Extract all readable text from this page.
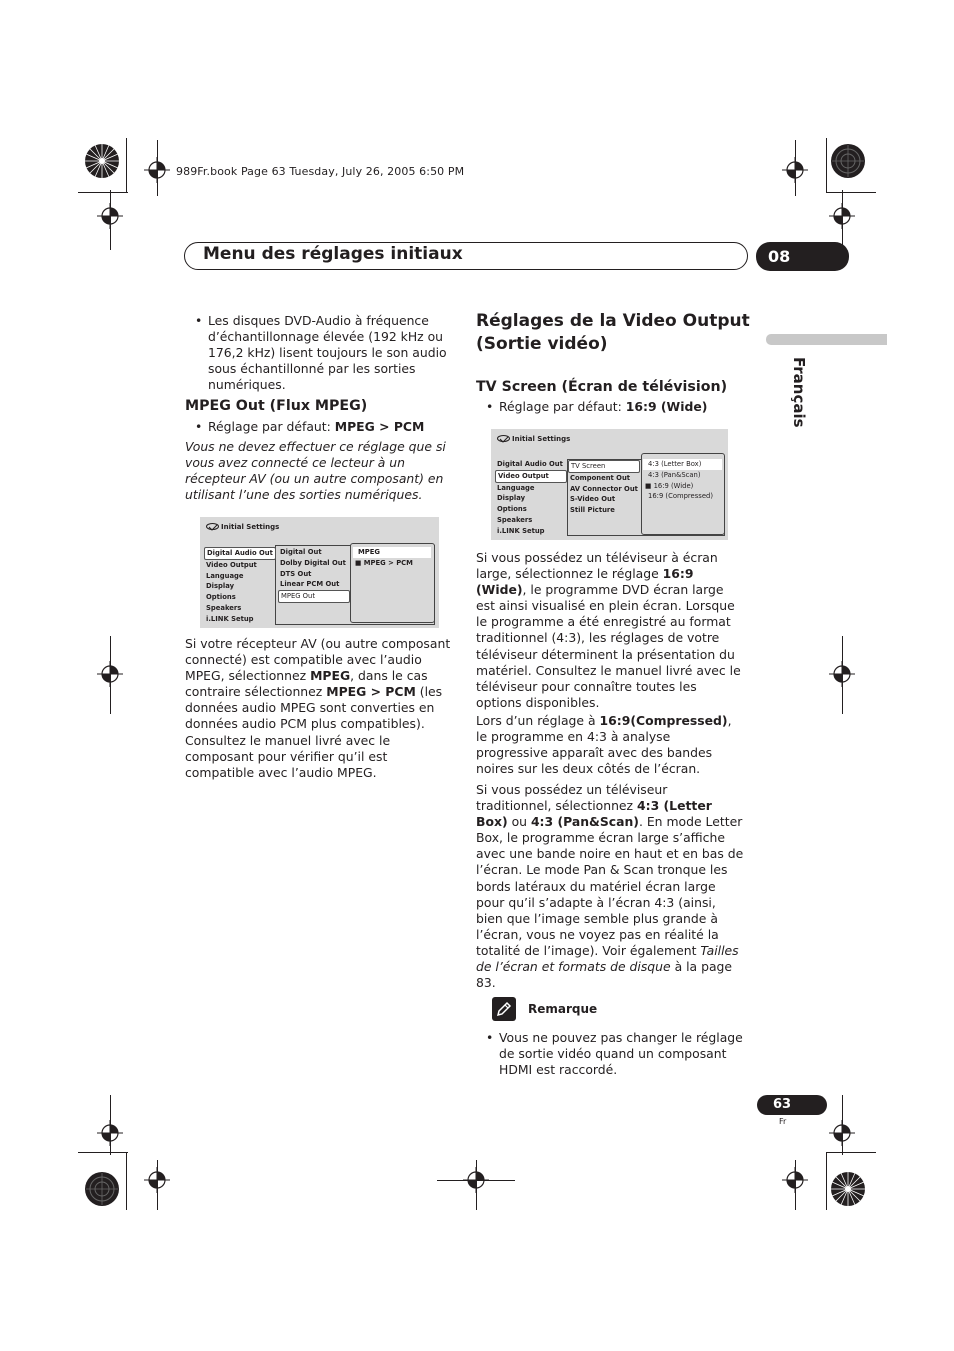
989Fr.book Page 63 Tuesday, July 26, 2005 6:50 PM
Menu des réglages initiaux	08
Français
• Les disques DVD-Audio à fréquence d’échantillonnage élevée (192 kHz ou 176,2 kHz) lisent toujours le son audio sous échantillonné par les sorties numériques.
MPEG Out (Flux MPEG)
• Réglage par défaut: MPEG > PCM
Vous ne devez effectuer ce réglage que si vous avez connecté ce lecteur à un récepteur AV (ou un autre composant) en utilisant l’une des sorties numériques.
Initial Settings
Digital Audio Out
Video Output
Language
Display
Options
Speakers
i.LINK Setup
Digital Out
Dolby Digital Out
DTS Out
Linear PCM Out
MPEG Out
MPEG
■ MPEG > PCM
Si votre récepteur AV (ou autre composant connecté) est compatible avec l’audio MPEG, sélectionnez MPEG, dans le cas contraire sélectionnez MPEG > PCM (les données audio MPEG sont converties en données audio PCM plus compatibles). Consultez le manuel livré avec le composant pour vérifier qu’il est compatible avec l’audio MPEG.
Réglages de la Video Output
(Sortie vidéo)
TV Screen (Écran de télévision)
• Réglage par défaut: 16:9 (Wide)
Initial Settings
Digital Audio Out
Video Output
Language
Display
Options
Speakers
i.LINK Setup
TV Screen
Component Out
AV Connector Out
S-Video Out
Still Picture
4:3 (Letter Box)
4:3 (Pan&Scan)
■ 16:9 (Wide)
16:9 (Compressed)
Si vous possédez un téléviseur à écran large, sélectionnez le réglage 16:9 (Wide), le programme DVD écran large est ainsi visualisé en plein écran. Lorsque le programme a été enregistré au format traditionnel (4:3), les réglages de votre téléviseur déterminent la présentation du matériel. Consultez le manuel livré avec le téléviseur pour connaître toutes les options disponibles.
Lors d’un réglage à 16:9(Compressed), le programme en 4:3 à analyse progressive apparaît avec des bandes noires sur les deux côtés de l’écran.
Si vous possédez un téléviseur traditionnel, sélectionnez 4:3 (Letter Box) ou 4:3 (Pan&Scan). En mode Letter Box, le programme écran large s’affiche avec une bande noire en haut et en bas de l’écran. Le mode Pan & Scan tronque les bords latéraux du matériel écran large pour qu’il s’adapte à l’écran 4:3 (ainsi, bien que l’image semble plus grande à l’écran, vous ne voyez pas en réalité la totalité de l’image). Voir également Tailles de l’écran et formats de disque à la page 83.
Remarque
• Vous ne pouvez pas changer le réglage de sortie vidéo quand un composant HDMI est raccordé.
63
Fr
